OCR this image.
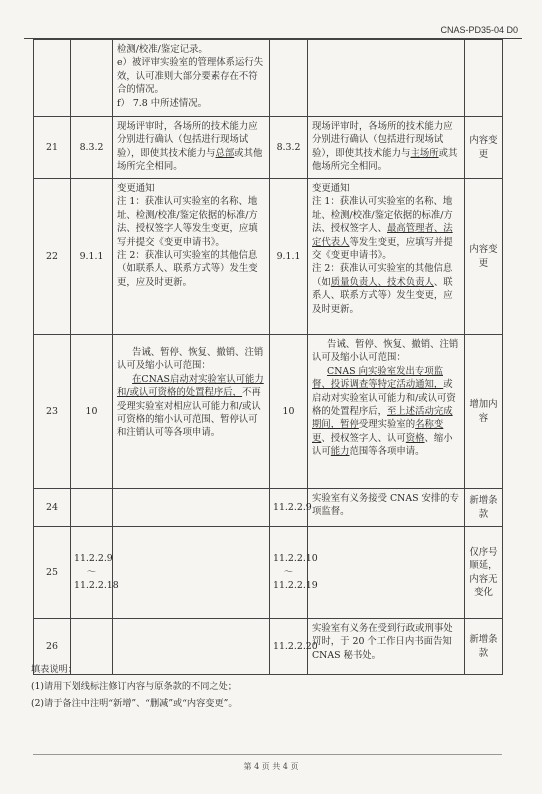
CNAS-PD35-04 D0

		检测/校准/鉴定记录。
e）被评审实验室的管理体系运行失效，认可准则大部分要素存在不符合的情况。
f） 7.8 中所述情况。			

21	8.3.2	现场评审时，各场所的技术能力应分别进行确认（包括进行现场试验），即使其技术能力与总部或其他场所完全相同。	8.3.2	现场评审时，各场所的技术能力应分别进行确认（包括进行现场试验），即使其技术能力与主场所或其他场所完全相同。	内容变更
22	9.1.1	变更通知
注 1：获准认可实验室的名称、地址、检测/校准/鉴定依据的标准/方法、授权签字人等发生变更，应填写并提交《变更申请书》。
注 2：获准认可实验室的其他信息（如联系人、联系方式等）发生变更，应及时更新。	9.1.1	变更通知
注 1：获准认可实验室的名称、地址、检测/校准/鉴定依据的标准/方法、授权签字人、最高管理者、法定代表人等发生变更，应填写并提交《变更申请书》。
注 2：获准认可实验室的其他信息（如质量负责人、技术负责人、联系人、联系方式等）发生变更，应及时更新。	内容变更
23	10	告诫、暂停、恢复、撤销、注销认可及缩小认可范围：
在CNAS启动对实验室认可能力和/或认可资格的处置程序后，不再受理实验室对相应认可能力和/或认可资格的缩小认可范围、暂停认可和注销认可等各项申请。	10	告诫、暂停、恢复、撤销、注销认可及缩小认可范围：
CNAS 向实验室发出专项监督、投诉调查等特定活动通知，或启动对实验室认可能力和/或认可资格的处置程序后，至上述活动完成期间，暂停受理实验室的名称变更、授权签字人、认可资格、缩小认可能力范围等各项申请。	增加内容
24			11.2.2.9	实验室有义务接受 CNAS 安排的专项监督。	新增条款
25	11.2.2.9～11.2.2.18		11.2.2.10～11.2.2.19		仅序号顺延，内容无变化
26			11.2.2.20	实验室有义务在受到行政或刑事处罚时，于 20 个工作日内书面告知 CNAS 秘书处。	新增条款
填表说明：
(1)请用下划线标注修订内容与原条款的不同之处；
(2)请于备注中注明“新增”、“删减”或“内容变更”。
第 4 页 共 4 页
